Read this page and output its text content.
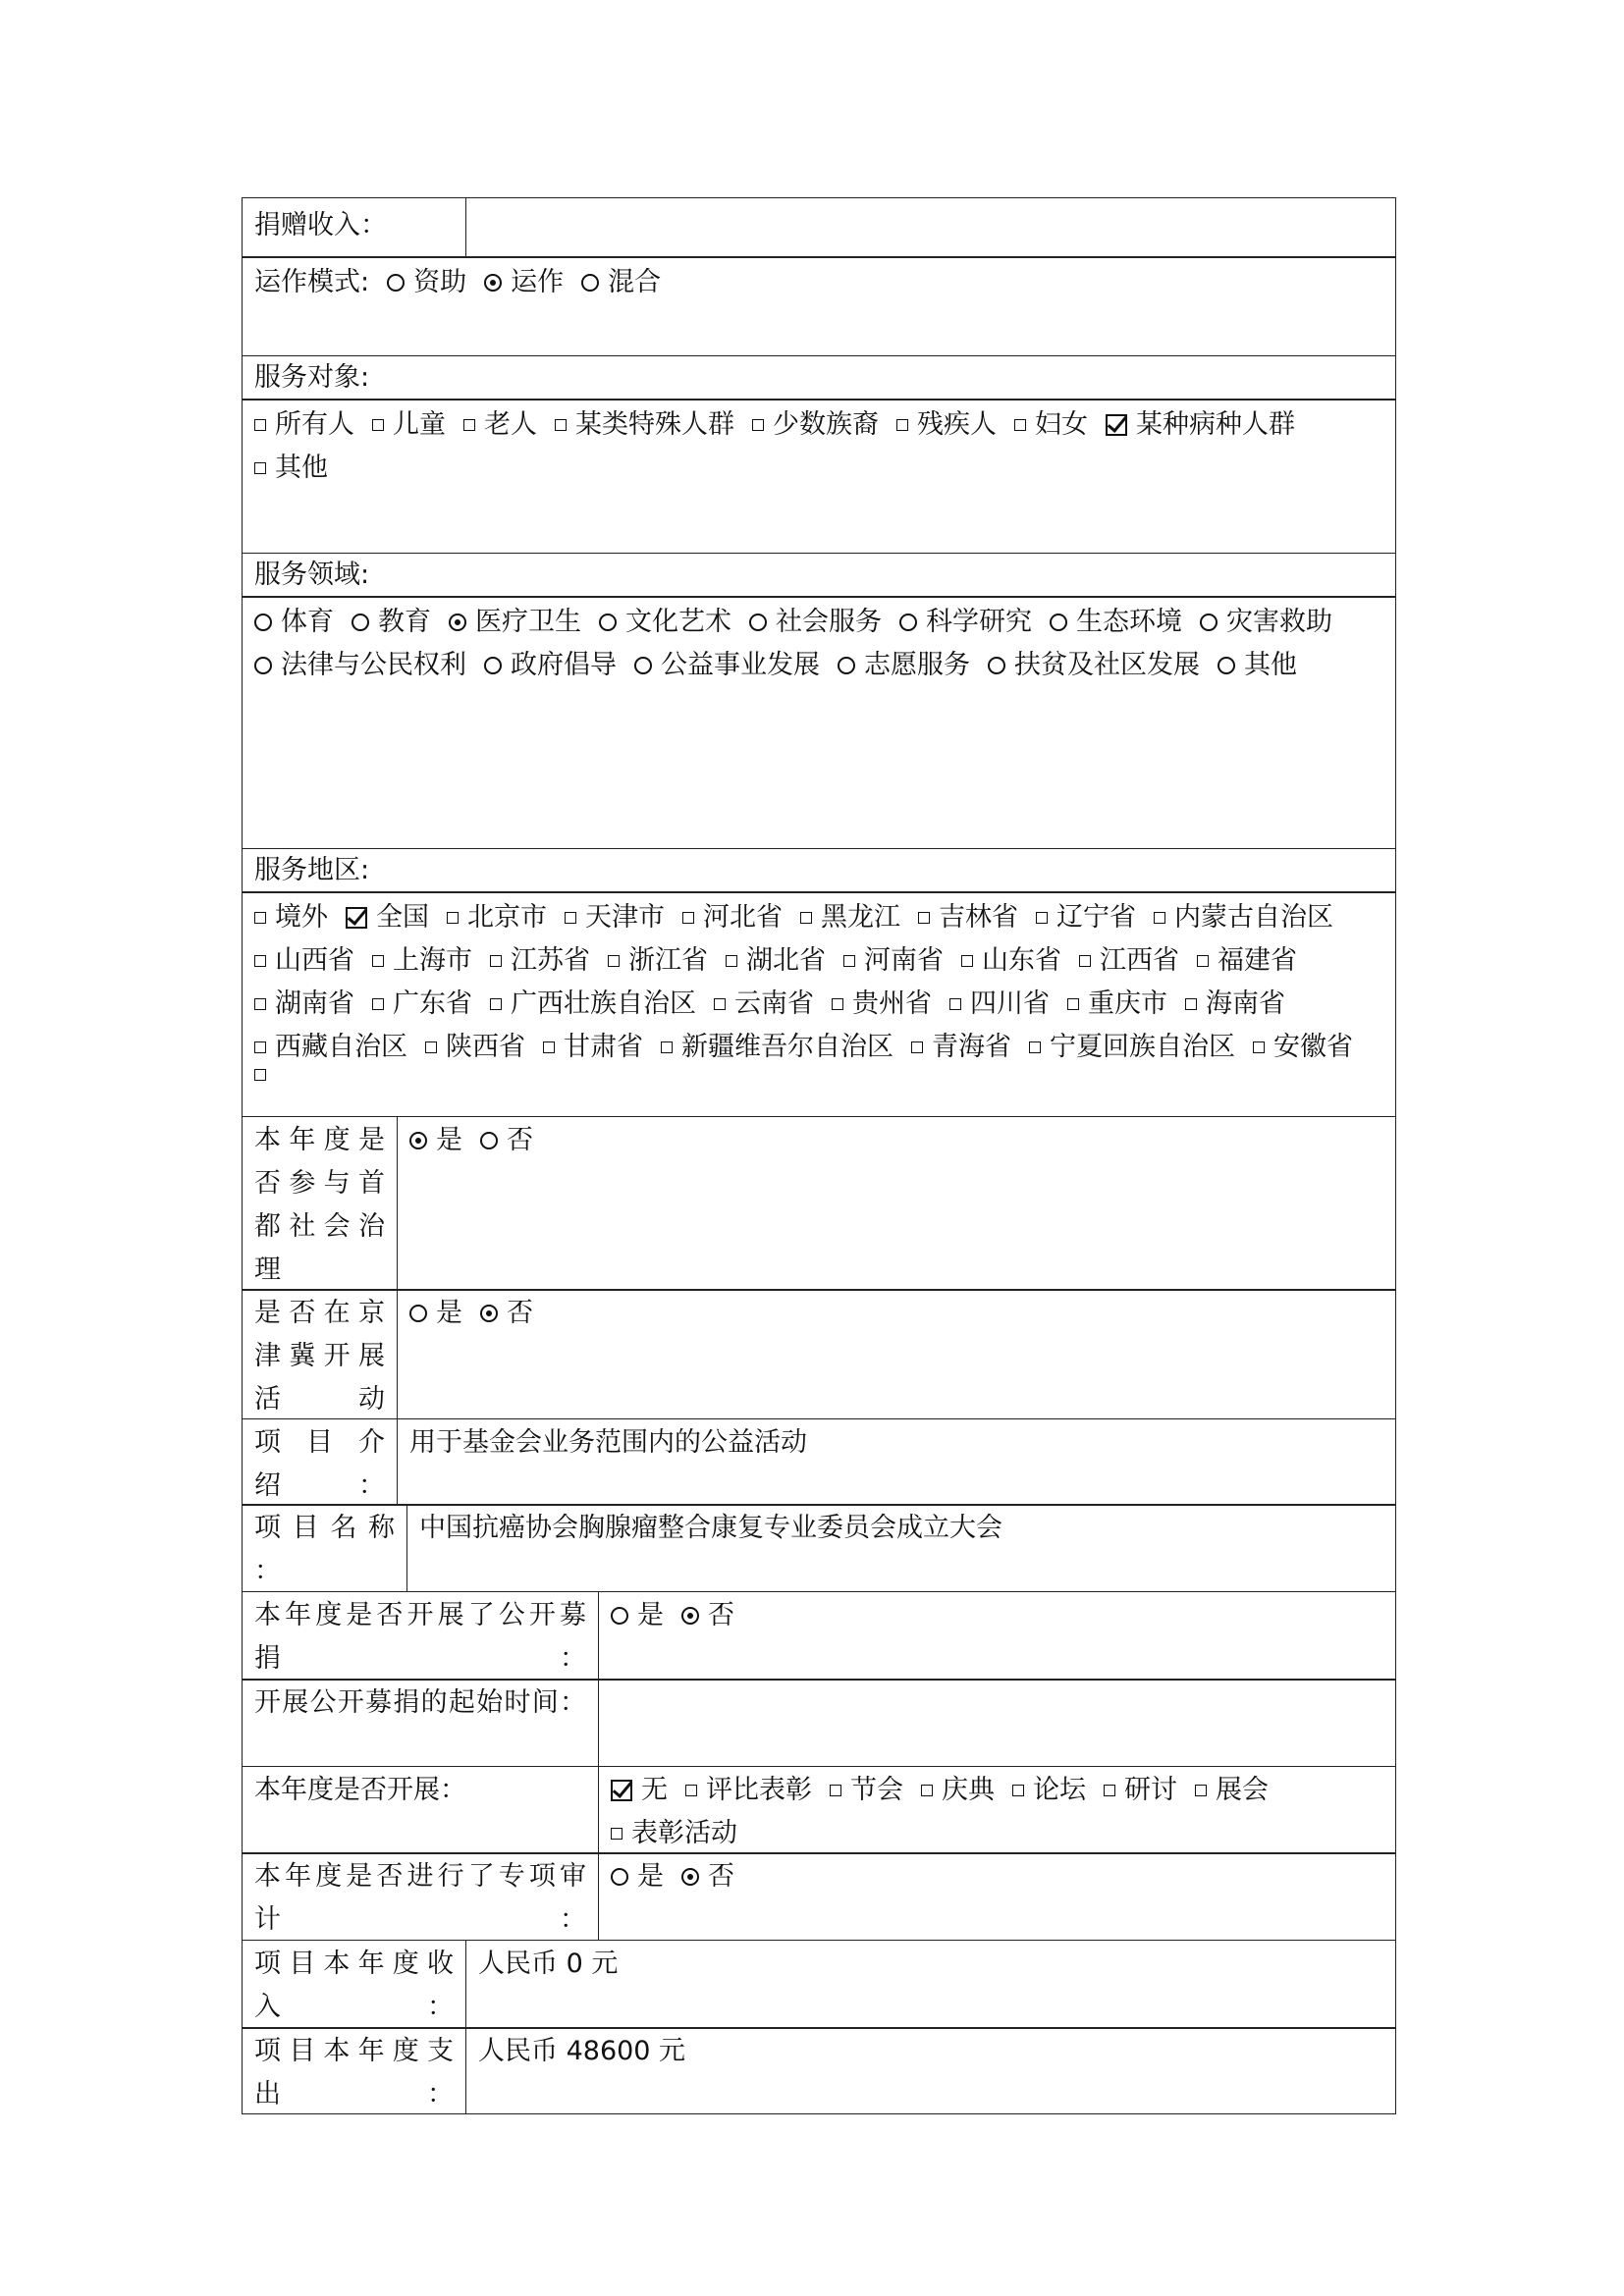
捐赠收入：
运作模式: 资助 运作 混合
服务对象:
所有人 儿童 老人 某类特殊人群 少数族裔 残疾人 妇女 某种病种人群
其他
服务领域:
体育 教育 医疗卫生 文化艺术 社会服务 科学研究 生态环境 灾害救助
法律与公民权利 政府倡导 公益事业发展 志愿服务 扶贫及社区发展 其他
服务地区:
境外 全国 北京市 天津市 河北省 黑龙江 吉林省 辽宁省 内蒙古自治区
山西省 上海市 江苏省 浙江省 湖北省 河南省 山东省 江西省 福建省
湖南省 广东省 广西壮族自治区 云南省 贵州省 四川省 重庆市 海南省
西藏自治区 陕西省 甘肃省 新疆维吾尔自治区 青海省 宁夏回族自治区 安徽省
本年度是否参与首都社会治理
是 否
是否在京津冀开展活动
是 否
项 目 介 绍：
用于基金会业务范围内的公益活动
项 目 名 称 ：
中国抗癌协会胸腺瘤整合康复专业委员会成立大会
本年度是否开展了公开募捐：
是 否
开展公开募捐的起始时间：
本年度是否开展：	无 评比表彰 节会 庆典 论坛 研讨 展会
表彰活动
本年度是否进行了专项审计：
是 否
项目本年度收入：
人民币 0 元
项目本年度支出：
人民币 48600 元
